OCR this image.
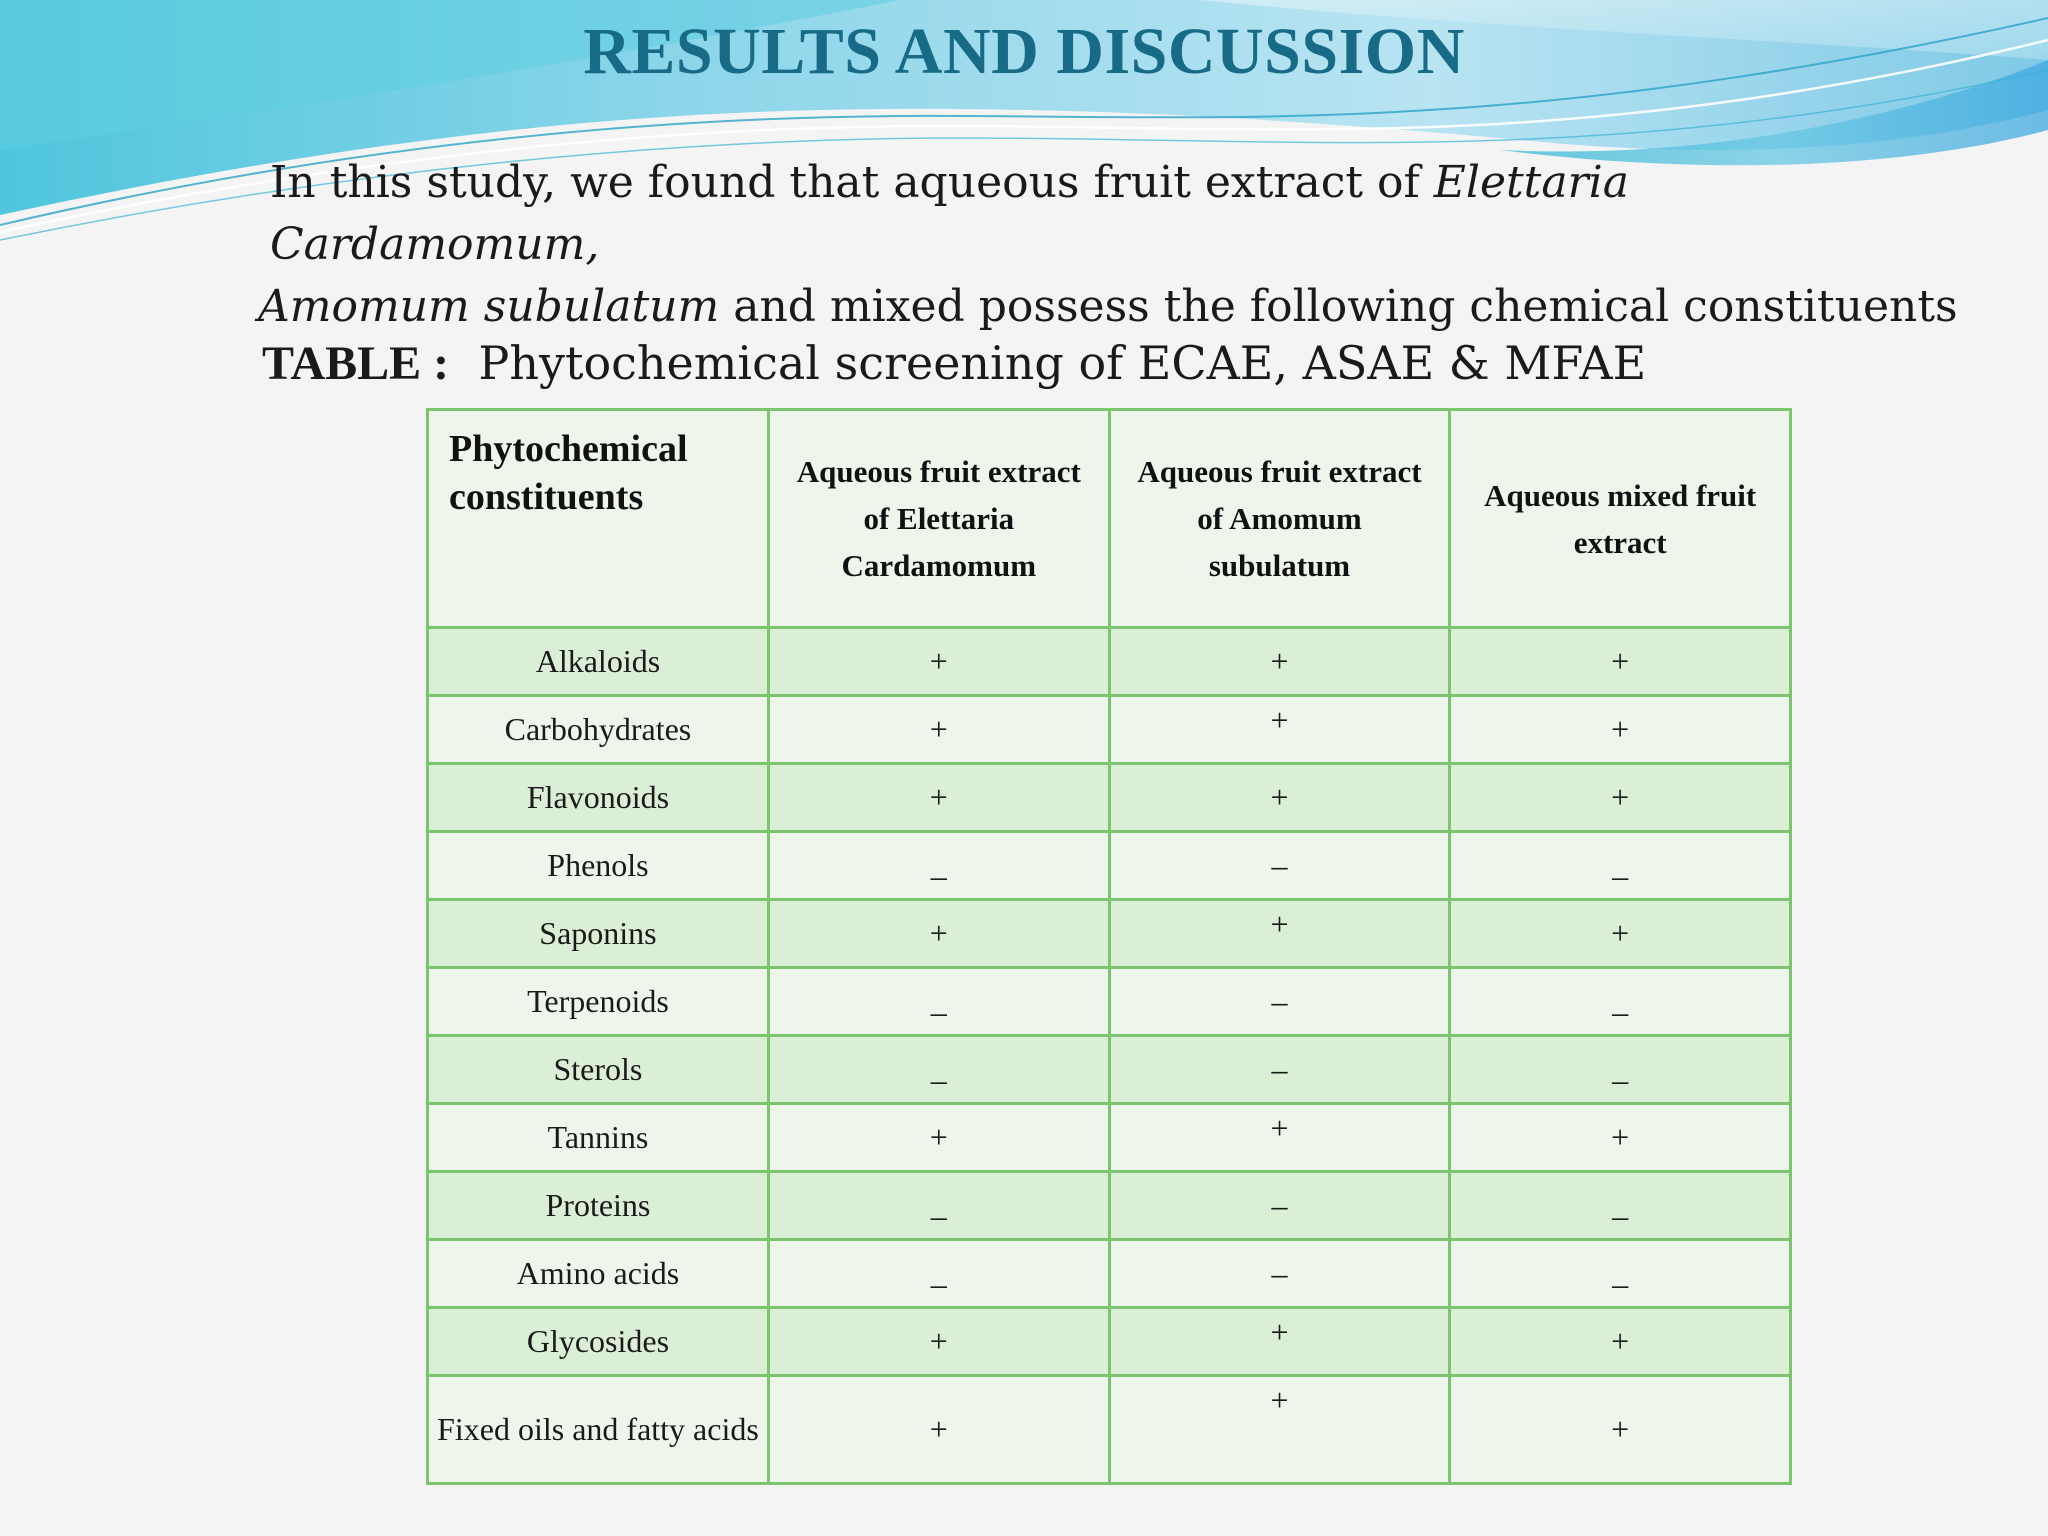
RESULTS AND DISCUSSION
In this study, we found that aqueous fruit extract of Elettaria Cardamomum,
Amomum subulatum and mixed possess the following chemical constituents
TABLE : Phytochemical screening of ECAE, ASAE & MFAE
Phytochemical constituents	Aqueous fruit extract of Elettaria Cardamomum	Aqueous fruit extract of Amomum subulatum	Aqueous mixed fruit extract
Alkaloids	+	+	+
Carbohydrates	+	+	+
Flavonoids	+	+	+
Phenols	_	–	_
Saponins	+	+	+
Terpenoids	_	–	_
Sterols	_	–	_
Tannins	+	+	+
Proteins	_	–	_
Amino acids	_	–	_
Glycosides	+	+	+
Fixed oils and fatty acids	+	+	+
